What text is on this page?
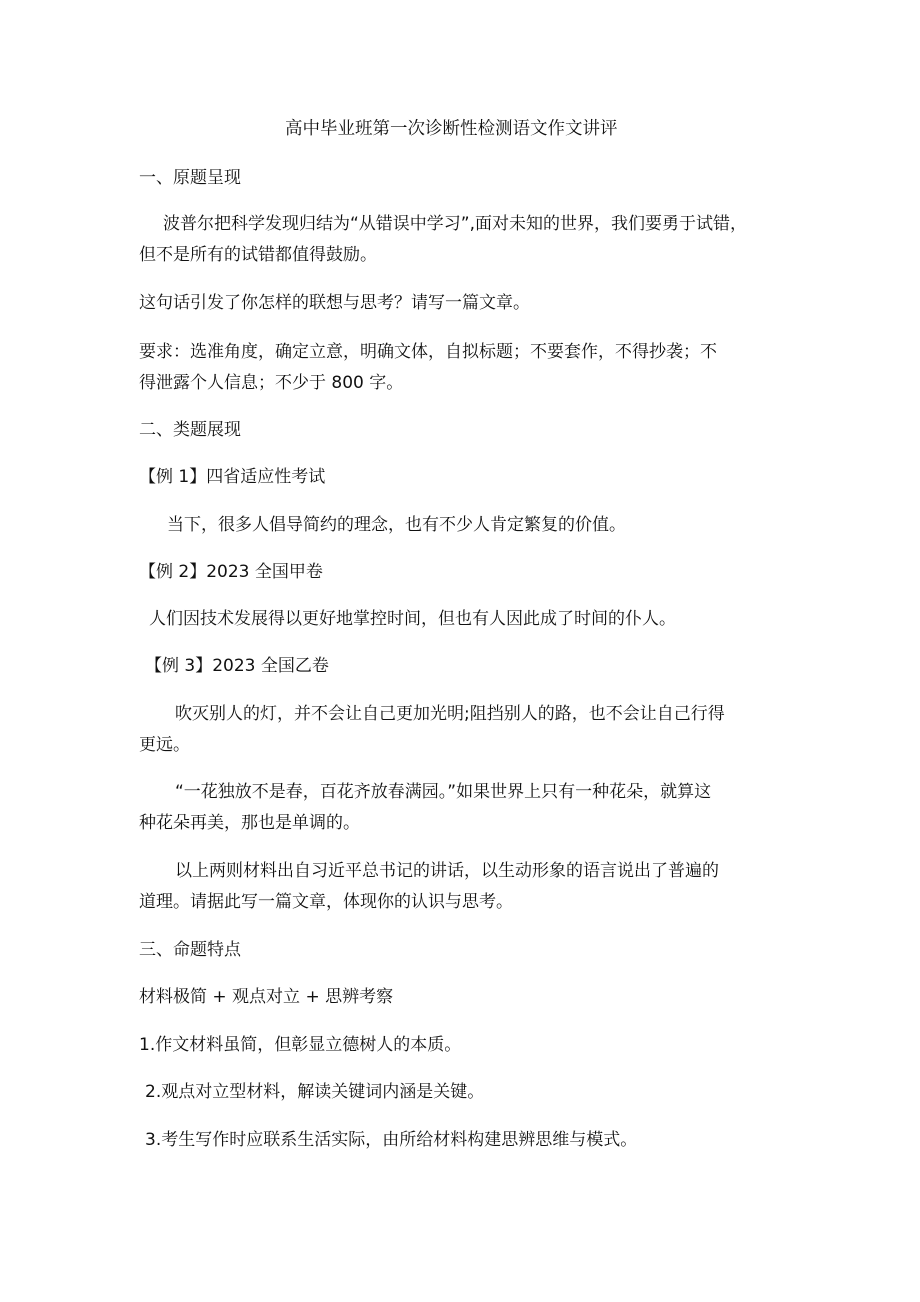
高中毕业班第一次诊断性检测语文作文讲评
一、原题呈现
波普尔把科学发现归结为“从错误中学习”,面对未知的世界，我们要勇于试错，
但不是所有的试错都值得鼓励。
这句话引发了你怎样的联想与思考？请写一篇文章。
要求：选准角度，确定立意，明确文体，自拟标题；不要套作，不得抄袭；不
得泄露个人信息；不少于 800 字。
二、类题展现
【例 1】四省适应性考试
当下，很多人倡导简约的理念，也有不少人肯定繁复的价值。
【例 2】2023 全国甲卷
人们因技术发展得以更好地掌控时间，但也有人因此成了时间的仆人。
【例 3】2023 全国乙卷
吹灭别人的灯，并不会让自己更加光明;阻挡别人的路，也不会让自己行得
更远。
“一花独放不是春，百花齐放春满园。”如果世界上只有一种花朵，就算这
种花朵再美，那也是单调的。
以上两则材料出自习近平总书记的讲话，以生动形象的语言说出了普遍的
道理。请据此写一篇文章，体现你的认识与思考。
三、命题特点
材料极简 + 观点对立 + 思辨考察
1.作文材料虽简，但彰显立德树人的本质。
2.观点对立型材料，解读关键词内涵是关键。
3.考生写作时应联系生活实际，由所给材料构建思辨思维与模式。
